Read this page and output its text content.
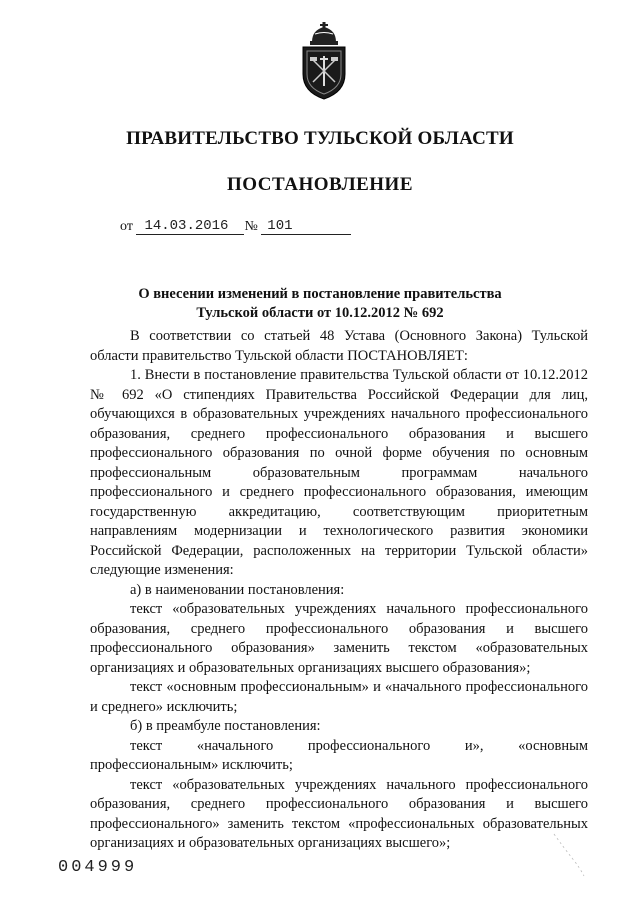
ПРАВИТЕЛЬСТВО ТУЛЬСКОЙ ОБЛАСТИ
ПОСТАНОВЛЕНИЕ
от 14.03.2016 № 101
О внесении изменений в постановление правительства
Тульской области от 10.12.2012 № 692

В соответствии со статьей 48 Устава (Основного Закона) Тульской области правительство Тульской области ПОСТАНОВЛЯЕТ:

1. Внести в постановление правительства Тульской области от 10.12.2012 № 692 «О стипендиях Правительства Российской Федерации для лиц, обучающихся в образовательных учреждениях начального профессионального образования, среднего профессионального образования и высшего профессионального образования по очной форме обучения по основным профессиональным образовательным программам начального профессионального и среднего профессионального образования, имеющим государственную аккредитацию, соответствующим приоритетным направлениям модернизации и технологического развития экономики Российской Федерации, расположенных на территории Тульской области» следующие изменения:

а) в наименовании постановления:

текст «образовательных учреждениях начального профессионального образования, среднего профессионального образования и высшего профессионального образования» заменить текстом «образовательных организациях и образовательных организациях высшего образования»;

текст «основным профессиональным» и «начального профессионального и среднего» исключить;

б) в преамбуле постановления:

текст «начального профессионального и», «основным

профессиональным» исключить;

текст «образовательных учреждениях начального профессионального образования, среднего профессионального образования и высшего профессионального» заменить текстом «профессиональных образовательных организациях и образовательных организациях высшего»;

004999
